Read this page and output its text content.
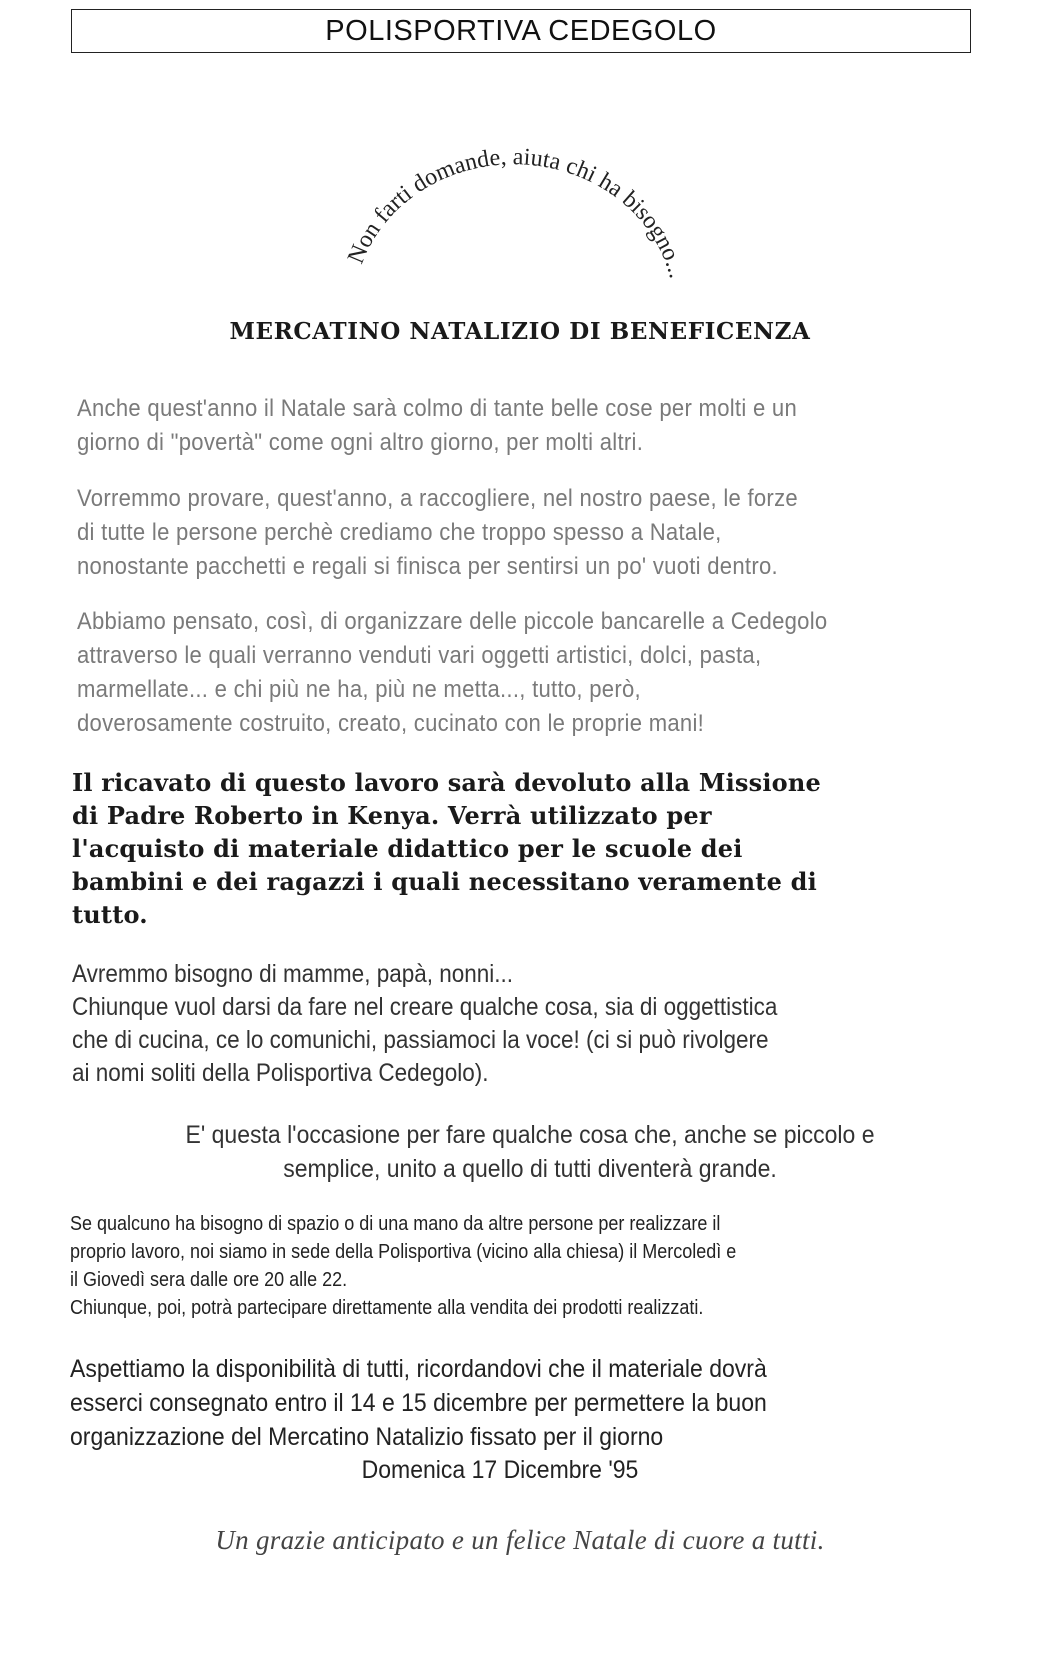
POLISPORTIVA CEDEGOLO
Non farti domande, aiuta chi ha bisogno...
MERCATINO NATALIZIO DI BENEFICENZA
Anche quest'anno il Natale sarà colmo di tante belle cose per molti e un
giorno di "povertà" come ogni altro giorno, per molti altri.
Vorremmo provare, quest'anno, a raccogliere, nel nostro paese, le forze
di tutte le persone perchè crediamo che troppo spesso a Natale,
nonostante pacchetti e regali si finisca per sentirsi un po' vuoti dentro.
Abbiamo pensato, così, di organizzare delle piccole bancarelle a Cedegolo
attraverso le quali verranno venduti vari oggetti artistici, dolci, pasta,
marmellate... e chi più ne ha, più ne metta..., tutto, però,
doverosamente costruito, creato, cucinato con le proprie mani!
Il ricavato di questo lavoro sarà devoluto alla Missione
di Padre Roberto in Kenya. Verrà utilizzato per
l'acquisto di materiale didattico per le scuole dei
bambini e dei ragazzi i quali necessitano veramente di
tutto.
Avremmo bisogno di mamme, papà, nonni...
Chiunque vuol darsi da fare nel creare qualche cosa, sia di oggettistica
che di cucina, ce lo comunichi, passiamoci la voce! (ci si può rivolgere
ai nomi soliti della Polisportiva Cedegolo).
E' questa l'occasione per fare qualche cosa che, anche se piccolo e
semplice, unito a quello di tutti diventerà grande.
Se qualcuno ha bisogno di spazio o di una mano da altre persone per realizzare il
proprio lavoro, noi siamo in sede della Polisportiva (vicino alla chiesa) il Mercoledì e
il Giovedì sera dalle ore 20 alle 22.
Chiunque, poi, potrà partecipare direttamente alla vendita dei prodotti realizzati.
Aspettiamo la disponibilità di tutti, ricordandovi che il materiale dovrà
esserci consegnato entro il 14 e 15 dicembre per permettere la buon
organizzazione del Mercatino Natalizio fissato per il giorno
Domenica 17 Dicembre '95
Un grazie anticipato e un felice Natale di cuore a tutti.
